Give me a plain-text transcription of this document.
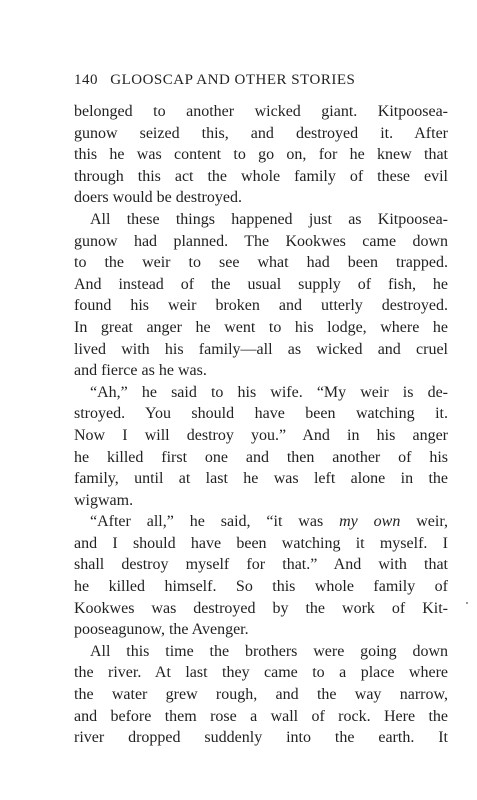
140 GLOOSCAP AND OTHER STORIES
belonged to another wicked giant. Kitpoosea-
gunow seized this, and destroyed it. After
this he was content to go on, for he knew that
through this act the whole family of these evil
doers would be destroyed.
All these things happened just as Kitpoosea-
gunow had planned. The Kookwes came down
to the weir to see what had been trapped.
And instead of the usual supply of fish, he
found his weir broken and utterly destroyed.
In great anger he went to his lodge, where he
lived with his family—all as wicked and cruel
and fierce as he was.
“Ah,” he said to his wife. “My weir is de-
stroyed. You should have been watching it.
Now I will destroy you.” And in his anger
he killed first one and then another of his
family, until at last he was left alone in the
wigwam.
“After all,” he said, “it was my own weir,
and I should have been watching it myself. I
shall destroy myself for that.” And with that
he killed himself. So this whole family of
Kookwes was destroyed by the work of Kit-
pooseagunow, the Avenger.
All this time the brothers were going down
the river. At last they came to a place where
the water grew rough, and the way narrow,
and before them rose a wall of rock. Here the
river dropped suddenly into the earth. It
